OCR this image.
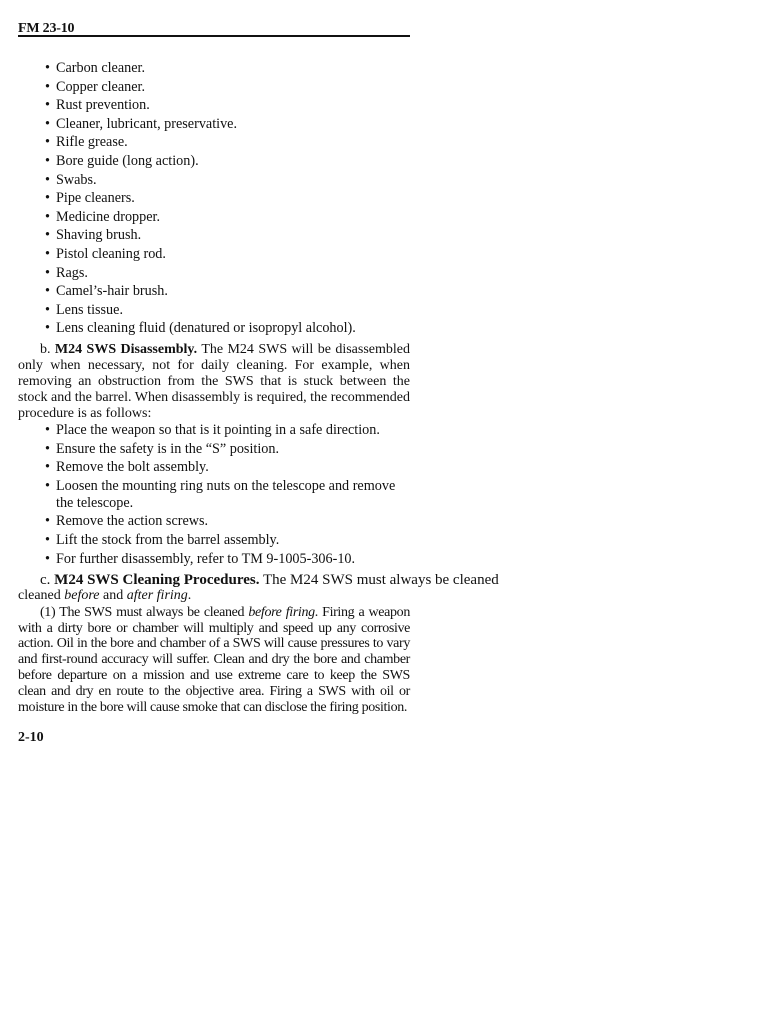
FM 23-10
• Carbon cleaner.
• Copper cleaner.
• Rust prevention.
• Cleaner, lubricant, preservative.
• Rifle grease.
• Bore guide (long action).
• Swabs.
• Pipe cleaners.
• Medicine dropper.
• Shaving brush.
• Pistol cleaning rod.
• Rags.
• Camel’s-hair brush.
• Lens tissue.
• Lens cleaning fluid (denatured or isopropyl alcohol).

b. M24 SWS Disassembly. The M24 SWS will be disassembled only when necessary, not for daily cleaning. For example, when removing an obstruction from the SWS that is stuck between the stock and the barrel. When disassembly is required, the recommended procedure is as follows:

• Place the weapon so that is it pointing in a safe direction.
• Ensure the safety is in the “S” position.
• Remove the bolt assembly.
• Loosen the mounting ring nuts on the telescope and remove the telescope.
• Remove the action screws.
• Lift the stock from the barrel assembly.
• For further disassembly, refer to TM 9-1005-306-10.

c. M24 SWS Cleaning Procedures. The M24 SWS must always be cleaned

cleaned before and after firing.

(1) The SWS must always be cleaned before firing. Firing a weapon with a dirty bore or chamber will multiply and speed up any corrosive action. Oil in the bore and chamber of a SWS will cause pressures to vary and first-round accuracy will suffer. Clean and dry the bore and chamber before departure on a mission and use extreme care to keep the SWS clean and dry en route to the objective area. Firing a SWS with oil or moisture in the bore will cause smoke that can disclose the firing position.

2-10
